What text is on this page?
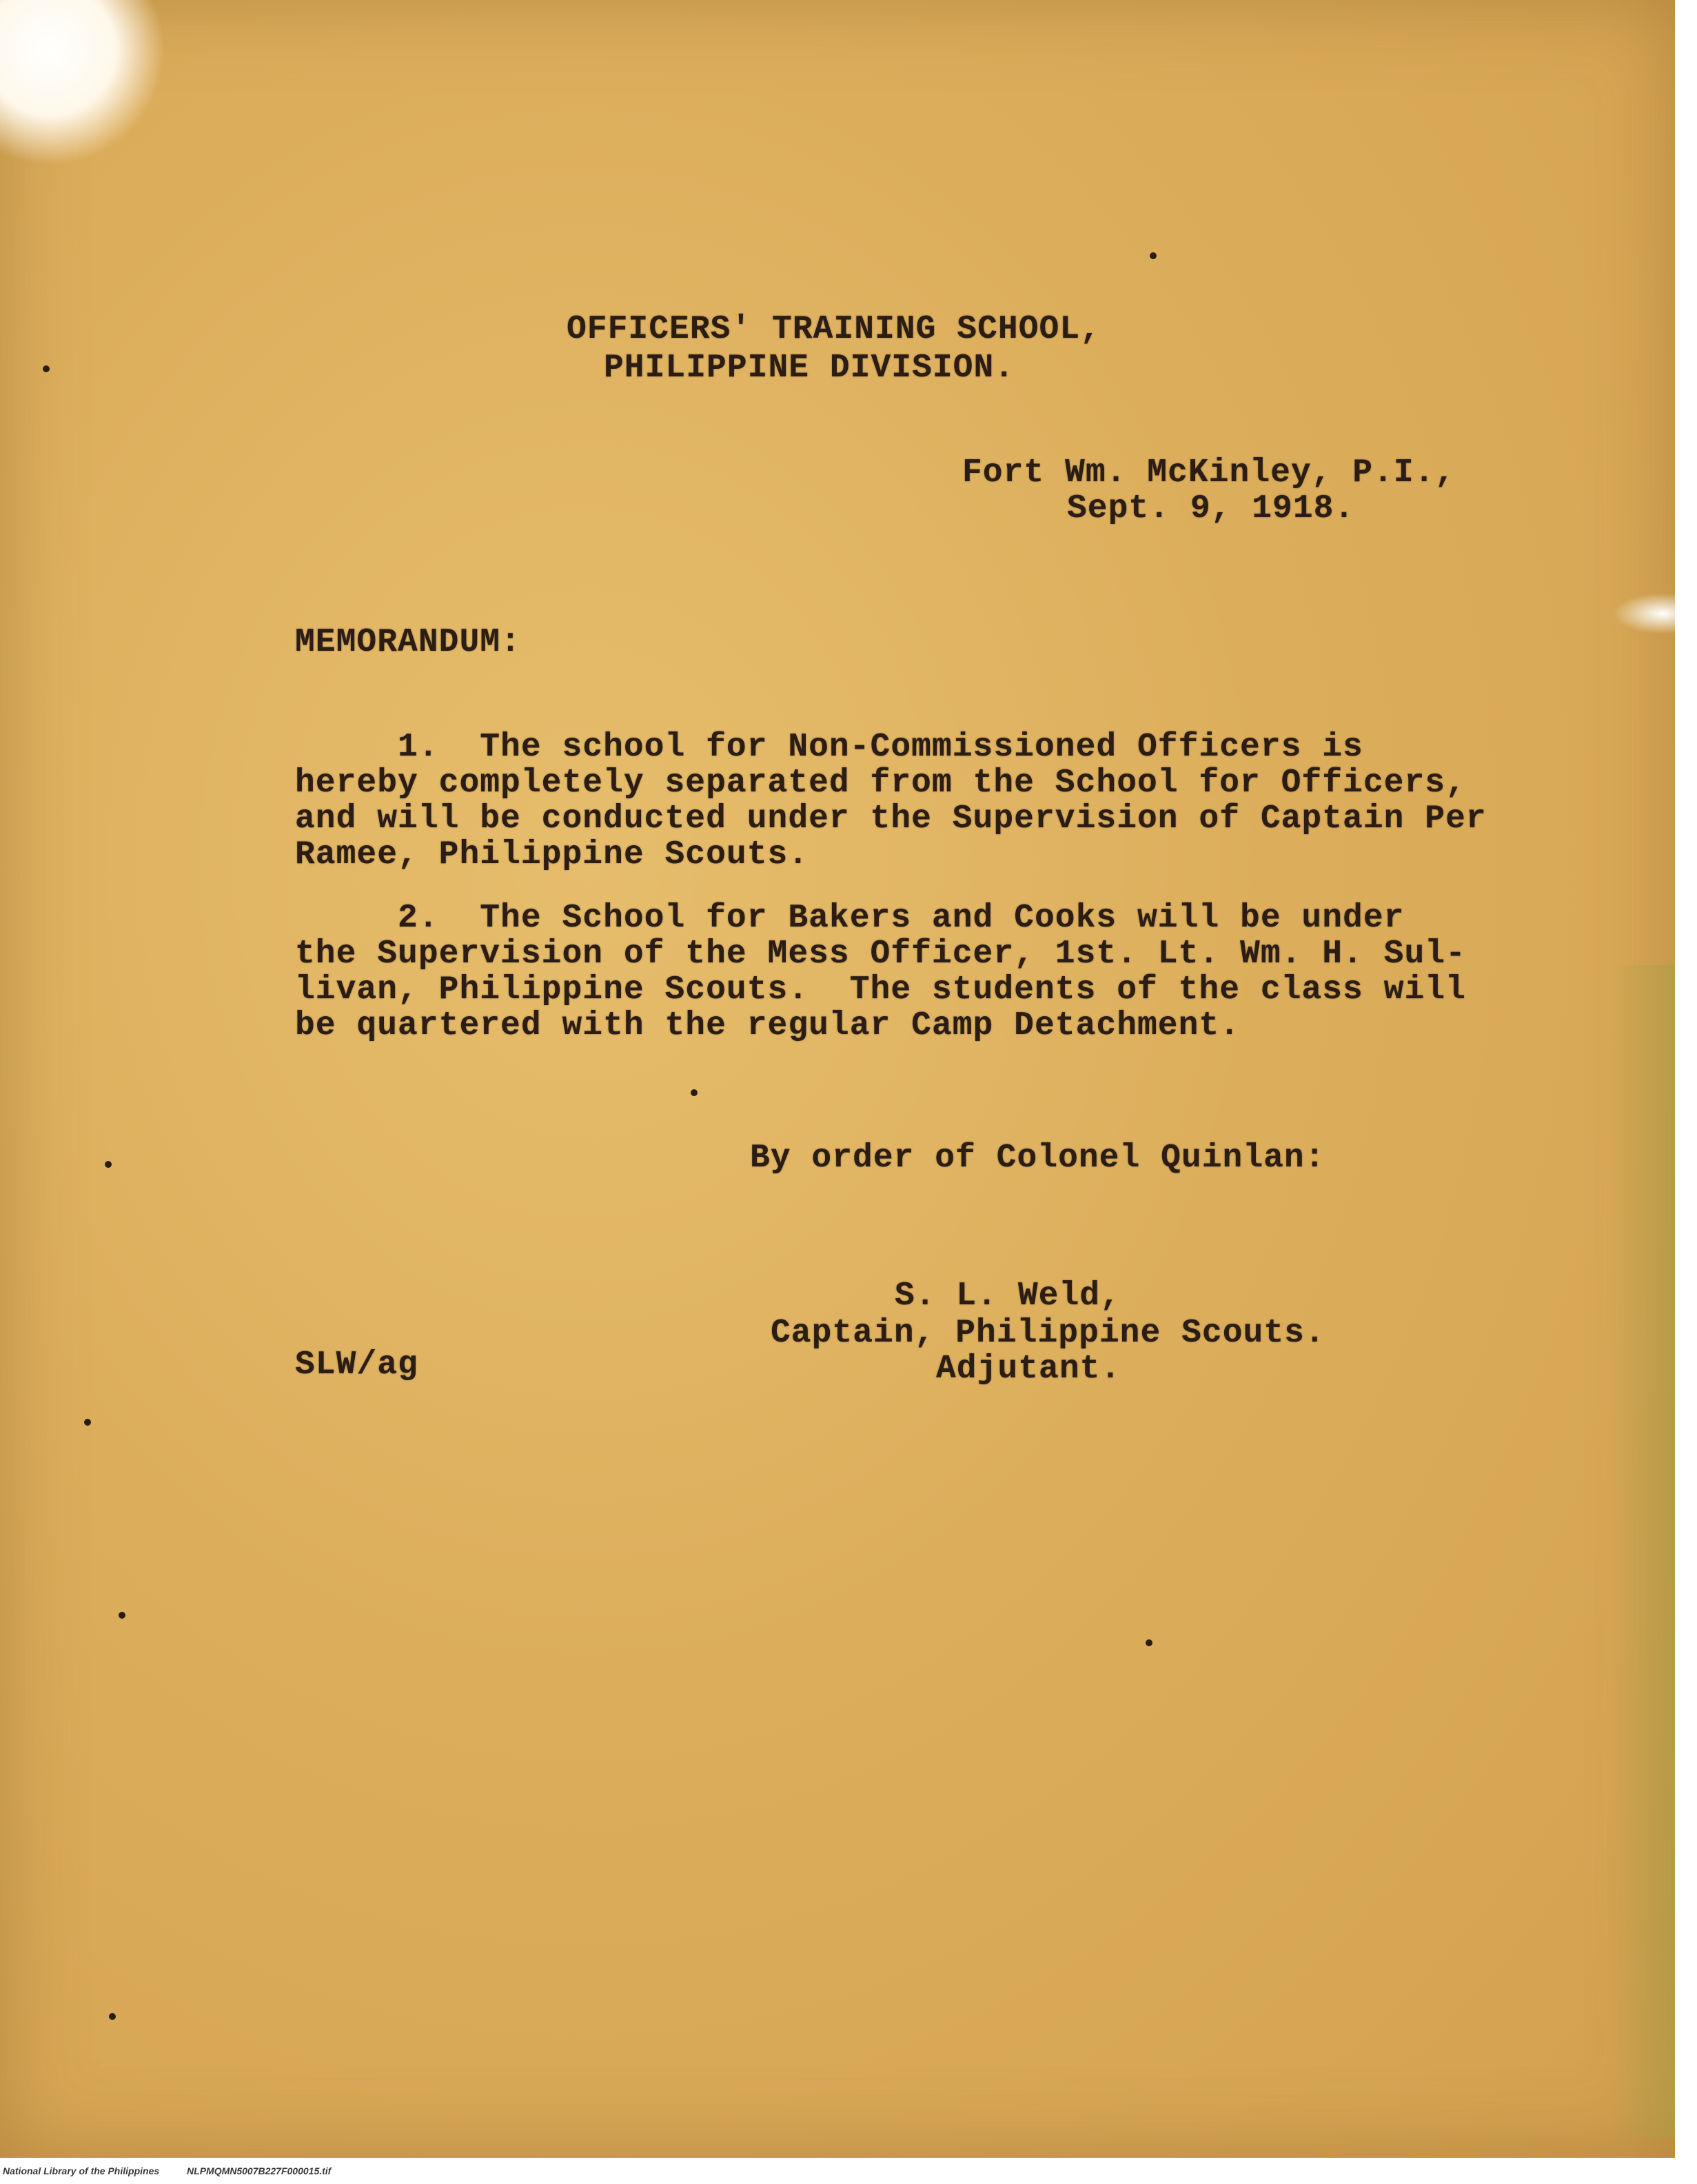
OFFICERS' TRAINING SCHOOL,

PHILIPPINE DIVISION.

Fort Wm. McKinley, P.I.,

Sept. 9, 1918.

MEMORANDUM:

1.  The school for Non-Commissioned Officers is

hereby completely separated from the School for Officers,

and will be conducted under the Supervision of Captain Per

Ramee, Philippine Scouts.

2.  The School for Bakers and Cooks will be under

the Supervision of the Mess Officer, 1st. Lt. Wm. H. Sul-

livan, Philippine Scouts.  The students of the class will

be quartered with the regular Camp Detachment.

By order of Colonel Quinlan:

S. L. Weld,

Captain, Philippine Scouts.

Adjutant.

SLW/ag

National Library of the Philippines	NLPMQMN5007B227F000015.tif
